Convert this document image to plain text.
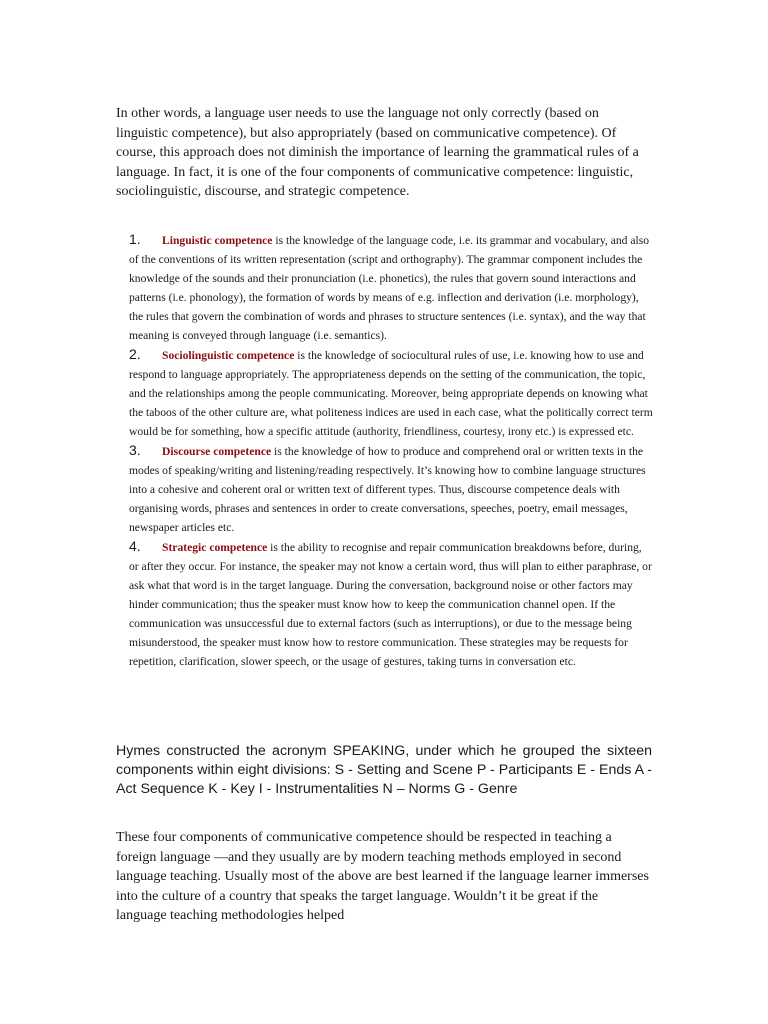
In other words, a language user needs to use the language not only correctly (based on linguistic competence), but also appropriately (based on communicative competence). Of course, this approach does not diminish the importance of learning the grammatical rules of a language. In fact, it is one of the four components of communicative competence: linguistic, sociolinguistic, discourse, and strategic competence.

1. Linguistic competence is the knowledge of the language code, i.e. its grammar and vocabulary, and also of the conventions of its written representation (script and orthography). The grammar component includes the knowledge of the sounds and their pronunciation (i.e. phonetics), the rules that govern sound interactions and patterns (i.e. phonology), the formation of words by means of e.g. inflection and derivation (i.e. morphology), the rules that govern the combination of words and phrases to structure sentences (i.e. syntax), and the way that meaning is conveyed through language (i.e. semantics).
2. Sociolinguistic competence is the knowledge of sociocultural rules of use, i.e. knowing how to use and respond to language appropriately. The appropriateness depends on the setting of the communication, the topic, and the relationships among the people communicating. Moreover, being appropriate depends on knowing what the taboos of the other culture are, what politeness indices are used in each case, what the politically correct term would be for something, how a specific attitude (authority, friendliness, courtesy, irony etc.) is expressed etc.
3. Discourse competence is the knowledge of how to produce and comprehend oral or written texts in the modes of speaking/writing and listening/reading respectively. It’s knowing how to combine language structures into a cohesive and coherent oral or written text of different types. Thus, discourse competence deals with organising words, phrases and sentences in order to create conversations, speeches, poetry, email messages, newspaper articles etc.
4. Strategic competence is the ability to recognise and repair communication breakdowns before, during, or after they occur. For instance, the speaker may not know a certain word, thus will plan to either paraphrase, or ask what that word is in the target language. During the conversation, background noise or other factors may hinder communication; thus the speaker must know how to keep the communication channel open. If the communication was unsuccessful due to external factors (such as interruptions), or due to the message being misunderstood, the speaker must know how to restore communication. These strategies may be requests for repetition, clarification, slower speech, or the usage of gestures, taking turns in conversation etc.

Hymes constructed the acronym SPEAKING, under which he grouped the sixteen components within eight divisions: S - Setting and Scene P - Participants E - Ends A - Act Sequence K - Key I - Instrumentalities N – Norms G - Genre

These four components of communicative competence should be respected in teaching a foreign language —and they usually are by modern teaching methods employed in second language teaching. Usually most of the above are best learned if the language learner immerses into the culture of a country that speaks the target language. Wouldn’t it be great if the language teaching methodologies helped
